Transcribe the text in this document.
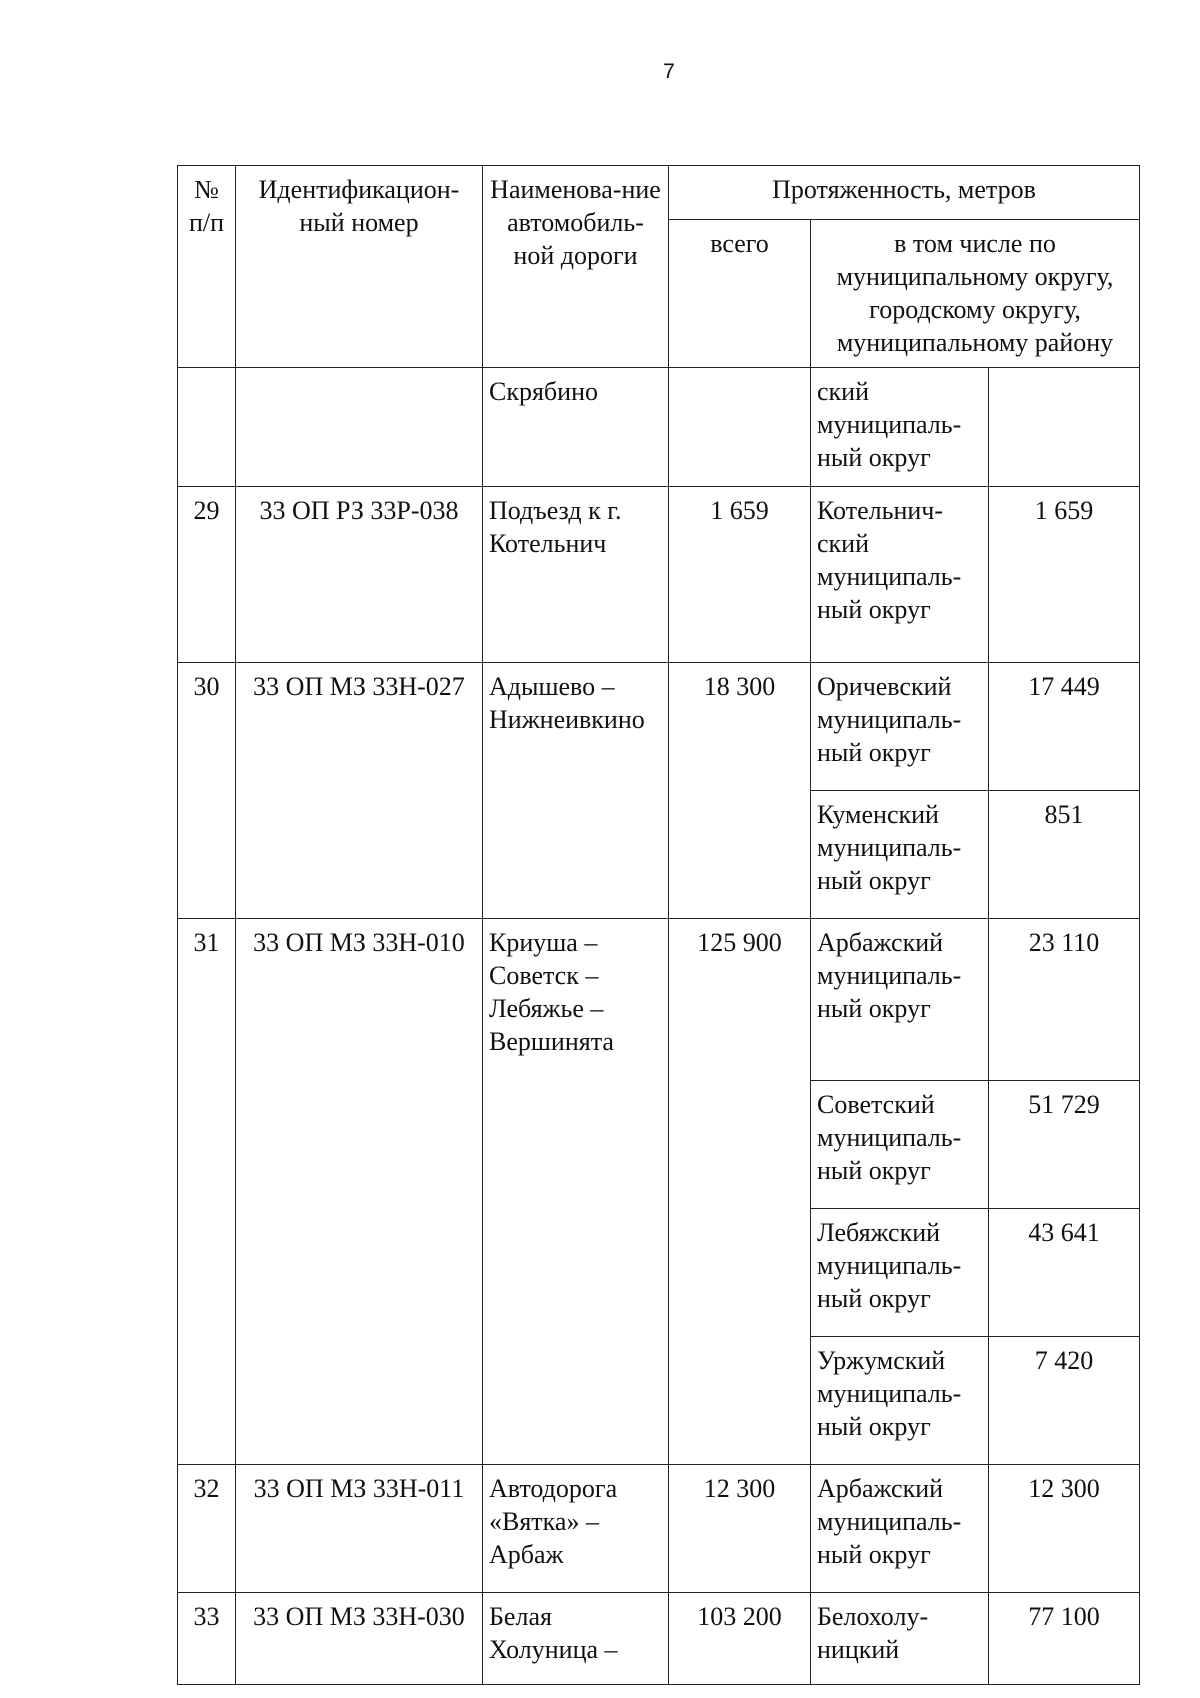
7
№ п/п	Идентификацион-ный номер	Наименова-ние автомобиль-ной дороги	Протяженность, метров		
			всего	в том числе по муниципальному округу, городскому округу, муниципальному району	
		Скрябино		ский муниципаль-ный округ	
29	33 ОП РЗ 33Р-038	Подъезд к г. Котельнич	1 659	Котельнич-ский муниципаль-ный округ	1 659
30	33 ОП МЗ 33Н-027	Адышево – Нижнеивкино	18 300	Оричевский муниципаль-ный округ	17 449
				Куменский муниципаль-ный округ	851
31	33 ОП МЗ 33Н-010	Криуша – Советск – Лебяжье – Вершинята	125 900	Арбажский муниципаль-ный округ	23 110
				Советский муниципаль-ный округ	51 729
				Лебяжский муниципаль-ный округ	43 641
				Уржумский муниципаль-ный округ	7 420
32	33 ОП МЗ 33Н-011	Автодорога «Вятка» – Арбаж	12 300	Арбажский муниципаль-ный округ	12 300
33	33 ОП МЗ 33Н-030	Белая Холуница –	103 200	Белохолу-ницкий	77 100
